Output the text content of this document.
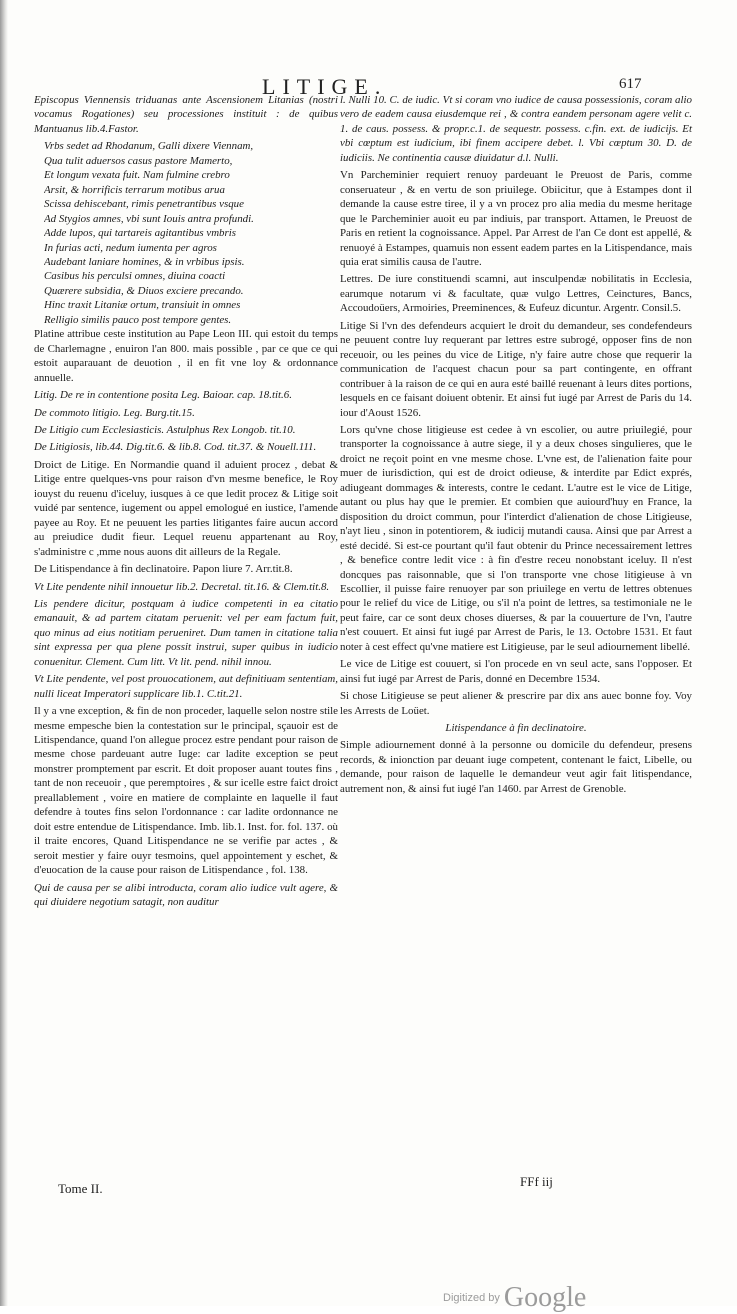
LITIGE.	617

Episcopus Viennensis triduanas ante Ascensionem Litanias (nostri vocamus Rogationes) seu processiones instituit : de quibus Mantuanus lib.4.Fastor.

Vrbs sedet ad Rhodanum, Galli dixere Viennam,
Qua tulit aduersos casus pastore Mamerto,
Et longum vexata fuit. Nam fulmine crebro
Arsit, & horrificis terrarum motibus arua
Scissa dehiscebant, rimis penetrantibus vsque
Ad Stygios amnes, vbi sunt Iouis antra profundi.
Adde lupos, qui tartareis agitantibus vmbris
In furias acti, nedum iumenta per agros
Audebant laniare homines, & in vrbibus ipsis.
Casibus his perculsi omnes, diuina coacti
Quærere subsidia, & Diuos exciere precando.
Hinc traxit Litaniæ ortum, transiuit in omnes
Relligio similis pauco post tempore gentes.

Platine attribue ceste institution au Pape Leon III. qui estoit du temps de Charlemagne , enuiron l'an 800. mais possible , par ce que ce qui estoit auparauant de deuotion , il en fit vne loy & ordonnance annuelle.

Litig. De re in contentione posita Leg. Baioar. cap. 18.tit.6.

De commoto litigio. Leg. Burg.tit.15.

De Litigio cum Ecclesiasticis. Astulphus Rex Longob. tit.10.

De Litigiosis, lib.44. Dig.tit.6. & lib.8. Cod. tit.37. & Nouell.111.

Droict de Litige. En Normandie quand il aduient procez , debat & Litige entre quelques-vns pour raison d'vn mesme benefice, le Roy iouyst du reuenu d'iceluy, iusques à ce que ledit procez & Litige soit vuidé par sentence, iugement ou appel emologué en iustice, l'amende payee au Roy. Et ne peuuent les parties litigantes faire aucun accord au preiudice dudit fieur. Lequel reuenu appartenant au Roy, s'administre c ,mme nous auons dit ailleurs de la Regale.

De Litispendance à fin declinatoire. Papon liure 7. Arr.tit.8.

Vt Lite pendente nihil innouetur lib.2. Decretal. tit.16. & Clem.tit.8.

Lis pendere dicitur, postquam à iudice competenti in ea citatio emanauit, & ad partem citatam peruenit: vel per eam factum fuit, quo minus ad eius notitiam perueniret. Dum tamen in citatione talia sint expressa per qua plene possit instrui, super quibus in iudicio conuenitur. Clement. Cum litt. Vt lit. pend. nihil innou.

Vt Lite pendente, vel post prouocationem, aut definitiuam sententiam, nulli liceat Imperatori supplicare lib.1. C.tit.21.

Il y a vne exception, & fin de non proceder, laquelle selon nostre stile mesme empesche bien la contestation sur le principal, sçauoir est de Litispendance, quand l'on allegue procez estre pendant pour raison de mesme chose pardeuant autre Iuge: car ladite exception se peut monstrer promptement par escrit. Et doit proposer auant toutes fins , tant de non receuoir , que peremptoires , & sur icelle estre faict droict preallablement , voire en matiere de complainte en laquelle il faut defendre à toutes fins selon l'ordonnance : car ladite ordonnance ne doit estre entendue de Litispendance. Imb. lib.1. Inst. for. fol. 137. où il traite encores, Quand Litispendance ne se verifie par actes , & seroit mestier y faire ouyr tesmoins, quel appointement y eschet, & d'euocation de la cause pour raison de Litispendance , fol. 138.

Qui de causa per se alibi introducta, coram alio iudice vult agere, & qui diuidere negotium satagit, non auditur

l. Nulli 10. C. de iudic. Vt si coram vno iudice de causa possessionis, coram alio vero de eadem causa eiusdemque rei , & contra eandem personam agere velit c. 1. de caus. possess. & propr.c.1. de sequestr. possess. c.fin. ext. de iudicijs. Et vbi cœptum est iudicium, ibi finem accipere debet. l. Vbi cœptum 30. D. de iudiciis. Ne continentia causæ diuidatur d.l. Nulli.

Vn Parcheminier requiert renuoy pardeuant le Preuost de Paris, comme conseruateur , & en vertu de son priuilege. Obiicitur, que à Estampes dont il demande la cause estre tiree, il y a vn procez pro alia media du mesme heritage que le Parcheminier auoit eu par indiuis, par transport. Attamen, le Preuost de Paris en retient la cognoissance. Appel. Par Arrest de l'an Ce dont est appellé, & renuoyé à Estampes, quamuis non essent eadem partes en la Litispendance, mais quia erat similis causa de l'autre.

Lettres. De iure constituendi scamni, aut insculpendæ nobilitatis in Ecclesia, earumque notarum vi & facultate, quæ vulgo Lettres, Ceinctures, Bancs, Accoudoüers, Armoiries, Preeminences, & Eufeuz dicuntur. Argentr. Consil.5.

Litige Si l'vn des defendeurs acquiert le droit du demandeur, ses condefendeurs ne peuuent contre luy requerant par lettres estre subrogé, opposer fins de non receuoir, ou les peines du vice de Litige, n'y faire autre chose que requerir la communication de l'acquest chacun pour sa part contingente, en offrant contribuer à la raison de ce qui en aura esté baillé reuenant à leurs dites portions, lesquels en ce faisant doiuent obtenir. Et ainsi fut iugé par Arrest de Paris du 14. iour d'Aoust 1526.

Lors qu'vne chose litigieuse est cedee à vn escolier, ou autre priuilegié, pour transporter la cognoissance à autre siege, il y a deux choses singulieres, que le droict ne reçoit point en vne mesme chose. L'vne est, de l'alienation faite pour muer de iurisdiction, qui est de droict odieuse, & interdite par Edict exprés, adiugeant dommages & interests, contre le cedant. L'autre est le vice de Litige, autant ou plus hay que le premier. Et combien que auiourd'huy en France, la disposition du droict commun, pour l'interdict d'alienation de chose Litigieuse, n'ayt lieu , sinon in potentiorem, & iudicij mutandi causa. Ainsi que par Arrest a esté decidé. Si est-ce pourtant qu'il faut obtenir du Prince necessairement lettres , & benefice contre ledit vice : à fin d'estre receu nonobstant iceluy. Il n'est doncques pas raisonnable, que si l'on transporte vne chose litigieuse à vn Escollier, il puisse faire renuoyer par son priuilege en vertu de lettres obtenues pour le relief du vice de Litige, ou s'il n'a point de lettres, sa testimoniale ne le peut faire, car ce sont deux choses diuerses, & par la couuerture de l'vn, l'autre n'est couuert. Et ainsi fut iugé par Arrest de Paris, le 13. Octobre 1531. Et faut noter à cest effect qu'vne matiere est Litigieuse, par le seul adiournement libellé.

Le vice de Litige est couuert, si l'on procede en vn seul acte, sans l'opposer. Et ainsi fut iugé par Arrest de Paris, donné en Decembre 1534.

Si chose Litigieuse se peut aliener & prescrire par dix ans auec bonne foy. Voy les Arrests de Loüet.

Litispendance à fin declinatoire.

Simple adiournement donné à la personne ou domicile du defendeur, presens records, & inionction par deuant iuge competent, contenant le faict, Libelle, ou demande, pour raison de laquelle le demandeur veut agir fait litispendance, autrement non, & ainsi fut iugé l'an 1460. par Arrest de Grenoble.

Tome II.	FFf iij
Digitized by Google
